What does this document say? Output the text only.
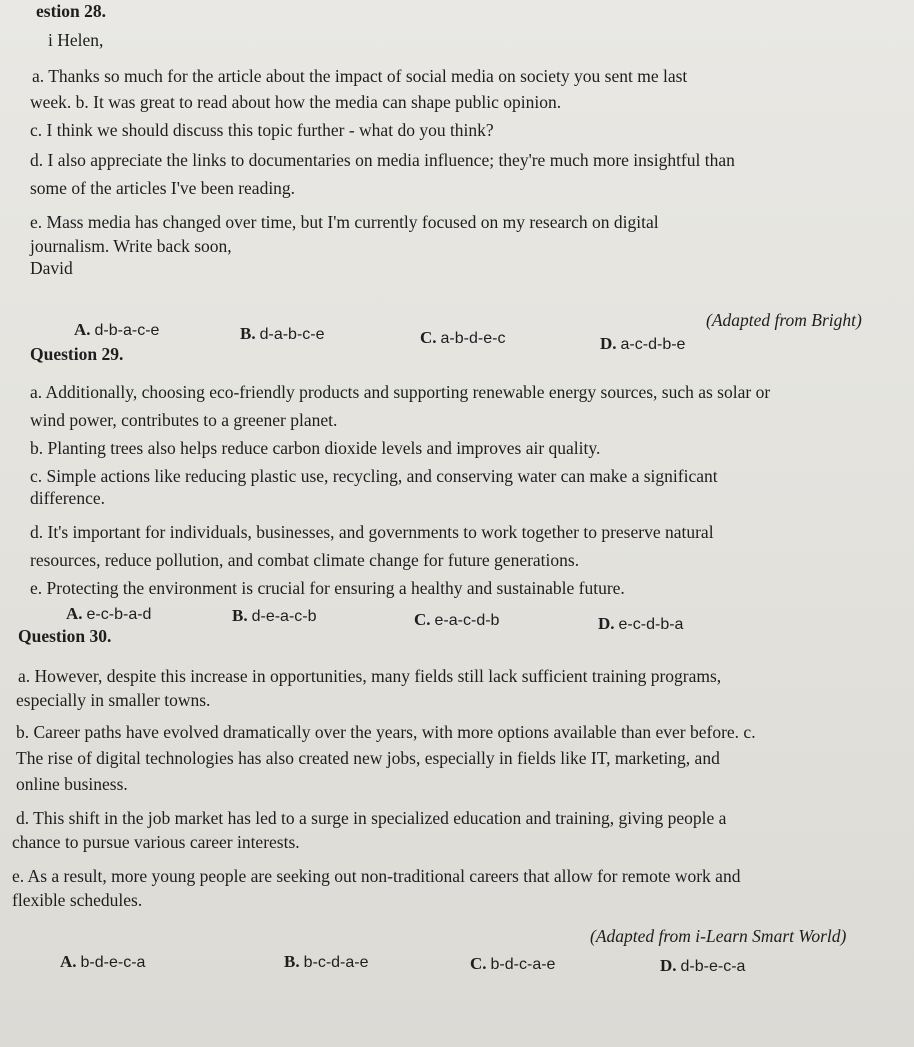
estion 28.
i Helen,
a. Thanks so much for the article about the impact of social media on society you sent me last
week. b. It was great to read about how the media can shape public opinion.
c. I think we should discuss this topic further - what do you think?
d. I also appreciate the links to documentaries on media influence; they're much more insightful than
some of the articles I've been reading.
e. Mass media has changed over time, but I'm currently focused on my research on digital
journalism. Write back soon,
David
(Adapted from Bright)
A. d-b-a-c-e	B. d-a-b-c-e	C. a-b-d-e-c	D. a-c-d-b-e
Question 29.
a. Additionally, choosing eco-friendly products and supporting renewable energy sources, such as solar or
wind power, contributes to a greener planet.
b. Planting trees also helps reduce carbon dioxide levels and improves air quality.
c. Simple actions like reducing plastic use, recycling, and conserving water can make a significant
difference.
d. It's important for individuals, businesses, and governments to work together to preserve natural
resources, reduce pollution, and combat climate change for future generations.
e. Protecting the environment is crucial for ensuring a healthy and sustainable future.
A. e-c-b-a-d	B. d-e-a-c-b	C. e-a-c-d-b	D. e-c-d-b-a
Question 30.
a. However, despite this increase in opportunities, many fields still lack sufficient training programs,
especially in smaller towns.
b. Career paths have evolved dramatically over the years, with more options available than ever before. c.
The rise of digital technologies has also created new jobs, especially in fields like IT, marketing, and
online business.
d. This shift in the job market has led to a surge in specialized education and training, giving people a
chance to pursue various career interests.
e. As a result, more young people are seeking out non-traditional careers that allow for remote work and
flexible schedules.
(Adapted from i-Learn Smart World)
A. b-d-e-c-a	B. b-c-d-a-e	C. b-d-c-a-e	D. d-b-e-c-a
